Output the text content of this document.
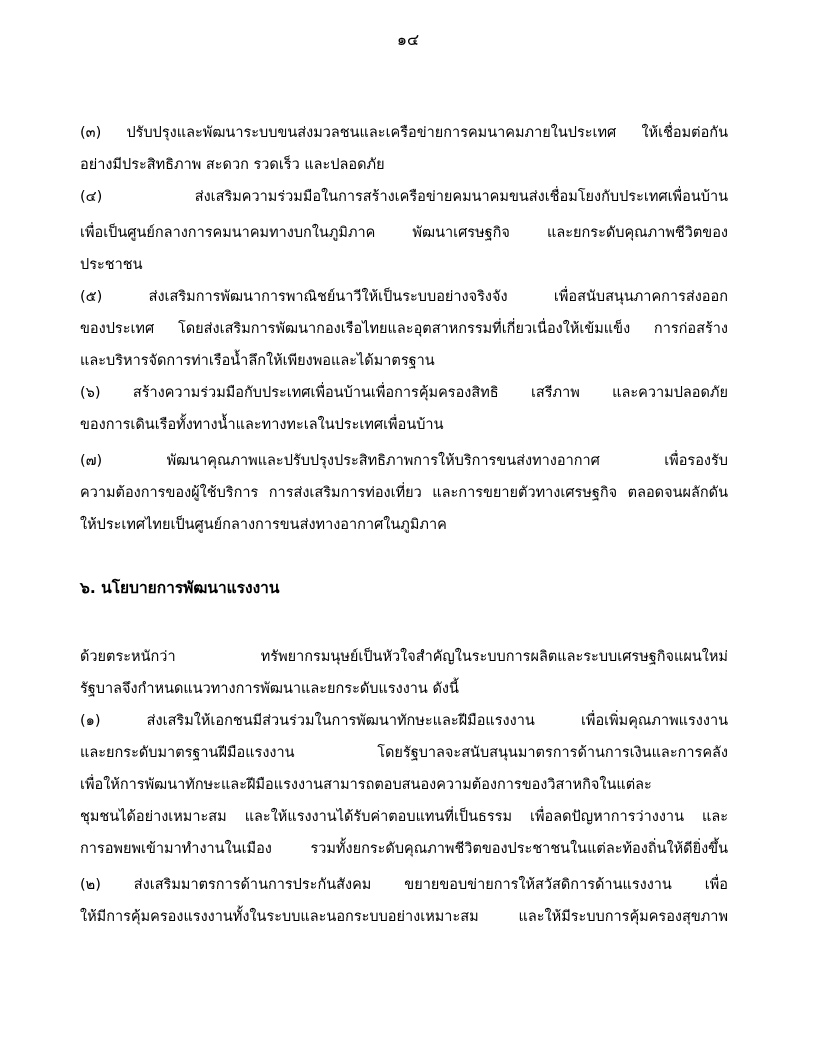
๑๔
(๓) ปรับปรุงและพัฒนาระบบขนส่งมวลชนและเครือข่ายการคมนาคมภายในประเทศ ให้เชื่อมต่อกัน
อย่างมีประสิทธิภาพ สะดวก รวดเร็ว และปลอดภัย
(๔) ส่งเสริมความร่วมมือในการสร้างเครือข่ายคมนาคมขนส่งเชื่อมโยงกับประเทศเพื่อนบ้าน
เพื่อเป็นศูนย์กลางการคมนาคมทางบกในภูมิภาค พัฒนาเศรษฐกิจ และยกระดับคุณภาพชีวิตของ
ประชาชน
(๕) ส่งเสริมการพัฒนาการพาณิชย์นาวีให้เป็นระบบอย่างจริงจัง เพื่อสนับสนุนภาคการส่งออก
ของประเทศ โดยส่งเสริมการพัฒนากองเรือไทยและอุตสาหกรรมที่เกี่ยวเนื่องให้เข้มแข็ง การก่อสร้าง
และบริหารจัดการท่าเรือน้ำลึกให้เพียงพอและได้มาตรฐาน
(๖) สร้างความร่วมมือกับประเทศเพื่อนบ้านเพื่อการคุ้มครองสิทธิ เสรีภาพ และความปลอดภัย
ของการเดินเรือทั้งทางน้ำและทางทะเลในประเทศเพื่อนบ้าน
(๗) พัฒนาคุณภาพและปรับปรุงประสิทธิภาพการให้บริการขนส่งทางอากาศ เพื่อรองรับ
ความต้องการของผู้ใช้บริการ การส่งเสริมการท่องเที่ยว และการขยายตัวทางเศรษฐกิจ ตลอดจนผลักดัน
ให้ประเทศไทยเป็นศูนย์กลางการขนส่งทางอากาศในภูมิภาค
๖. นโยบายการพัฒนาแรงงาน
ด้วยตระหนักว่า ทรัพยากรมนุษย์เป็นหัวใจสำคัญในระบบการผลิตและระบบเศรษฐกิจแผนใหม่
รัฐบาลจึงกำหนดแนวทางการพัฒนาและยกระดับแรงงาน ดังนี้
(๑) ส่งเสริมให้เอกชนมีส่วนร่วมในการพัฒนาทักษะและฝีมือแรงงาน เพื่อเพิ่มคุณภาพแรงงาน
และยกระดับมาตรฐานฝีมือแรงงาน โดยรัฐบาลจะสนับสนุนมาตรการด้านการเงินและการคลัง
เพื่อให้การพัฒนาทักษะและฝีมือแรงงานสามารถตอบสนองความต้องการของวิสาหกิจในแต่ละ
ชุมชนได้อย่างเหมาะสม และให้แรงงานได้รับค่าตอบแทนที่เป็นธรรม เพื่อลดปัญหาการว่างงาน และ
การอพยพเข้ามาทำงานในเมือง รวมทั้งยกระดับคุณภาพชีวิตของประชาชนในแต่ละท้องถิ่นให้ดียิ่งขึ้น
(๒) ส่งเสริมมาตรการด้านการประกันสังคม ขยายขอบข่ายการให้สวัสดิการด้านแรงงาน เพื่อ
ให้มีการคุ้มครองแรงงานทั้งในระบบและนอกระบบอย่างเหมาะสม และให้มีระบบการคุ้มครองสุขภาพ
